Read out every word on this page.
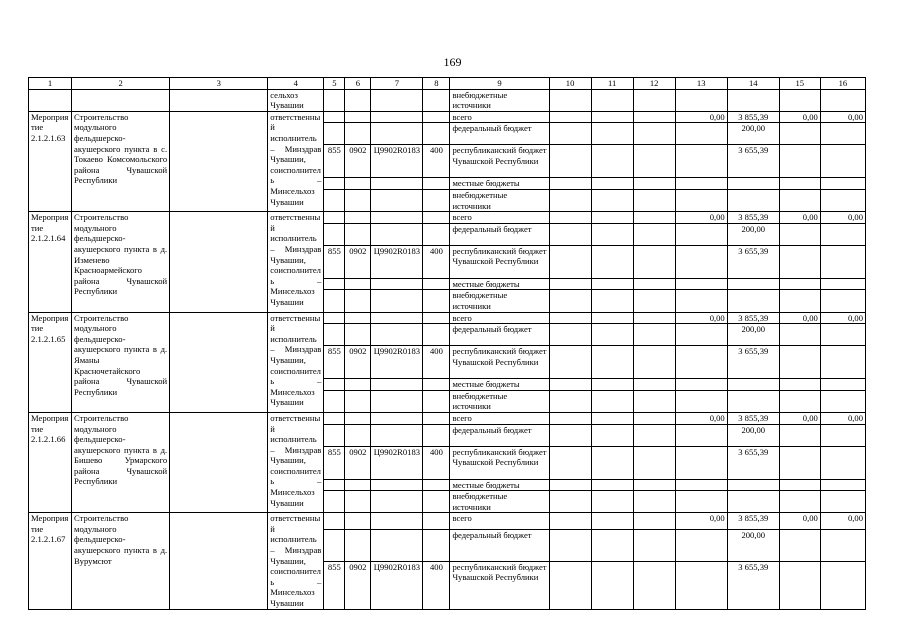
169
1	2	3	4	5	6	7	8	9	10	11	12	13	14	15	16
			сельхоз Чувашии					внебюджетные источники							
Мероприятие 2.1.2.1.63	Строительство модульного фельдшерско-акушерского пункта в с. Токаево Комсомольского района Чувашской Республики		ответственный исполнитель – Минздрав Чувашии, соисполнитель – Минсельхоз Чувашии					всего				0,00	3 855,39	0,00	0,00
								федеральный бюджет					200,00		
				855	0902	Ц9902R0183	400	республиканский бюджет Чувашской Республики					3 655,39		
								местные бюджеты							
								внебюджетные источники							
Мероприятие 2.1.2.1.64	Строительство модульного фельдшерско-акушерского пункта в д. Изменево Красноармейского района Чувашской Республики		ответственный исполнитель – Минздрав Чувашии, соисполнитель – Минсельхоз Чувашии					всего				0,00	3 855,39	0,00	0,00
								федеральный бюджет					200,00		
				855	0902	Ц9902R0183	400	республиканский бюджет Чувашской Республики					3 655,39		
								местные бюджеты							
								внебюджетные источники							
Мероприятие 2.1.2.1.65	Строительство модульного фельдшерско-акушерского пункта в д. Яманы Красночетайского района Чувашской Республики		ответственный исполнитель – Минздрав Чувашии, соисполнитель – Минсельхоз Чувашии					всего				0,00	3 855,39	0,00	0,00
								федеральный бюджет					200,00		
				855	0902	Ц9902R0183	400	республиканский бюджет Чувашской Республики					3 655,39		
								местные бюджеты							
								внебюджетные источники							
Мероприятие 2.1.2.1.66	Строительство модульного фельдшерско-акушерского пункта в д. Бишево Урмарского района Чувашской Республики		ответственный исполнитель – Минздрав Чувашии, соисполнитель – Минсельхоз Чувашии					всего				0,00	3 855,39	0,00	0,00
								федеральный бюджет					200,00		
				855	0902	Ц9902R0183	400	республиканский бюджет Чувашской Республики					3 655,39		
								местные бюджеты							
								внебюджетные источники							
Мероприятие 2.1.2.1.67	Строительство модульного фельдшерско-акушерского пункта в д. Вурумсют		ответственный исполнитель – Минздрав Чувашии, соисполнитель – Минсельхоз Чувашии					всего				0,00	3 855,39	0,00	0,00
								федеральный бюджет					200,00		
				855	0902	Ц9902R0183	400	республиканский бюджет Чувашской Республики					3 655,39		
